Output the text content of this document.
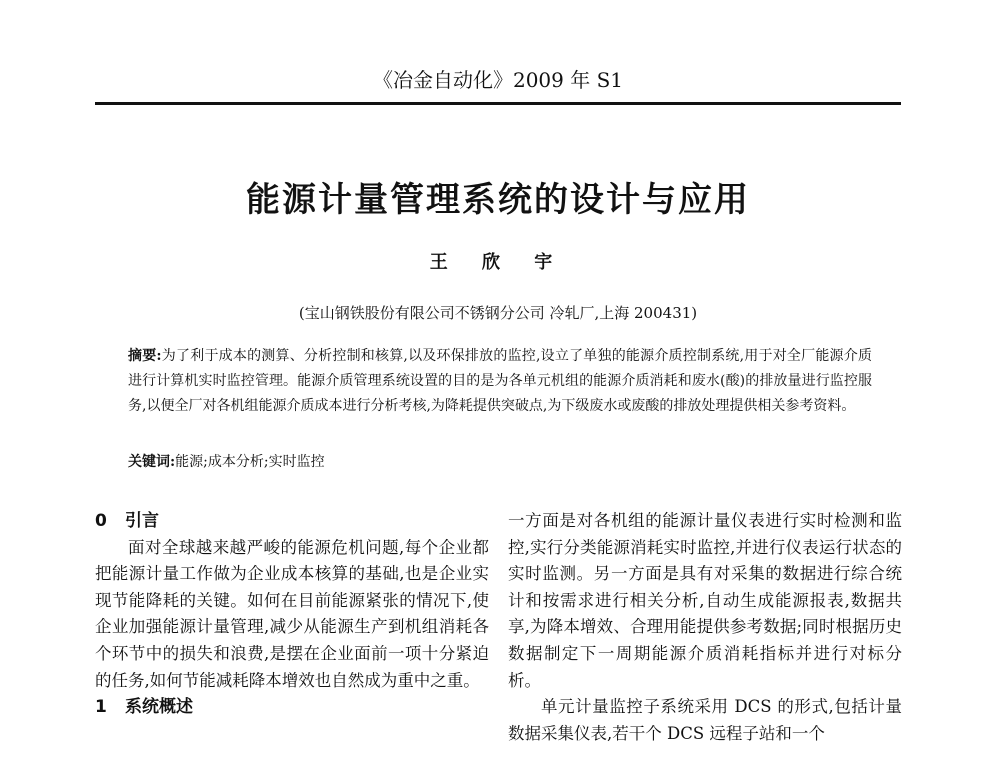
《冶金自动化》2009 年 S1
能源计量管理系统的设计与应用
王 欣 宇
(宝山钢铁股份有限公司不锈钢分公司 冷轧厂,上海 200431)
摘要:为了利于成本的测算、分析控制和核算,以及环保排放的监控,设立了单独的能源介质控制系统,用于对全厂能源介质进行计算机实时监控管理。能源介质管理系统设置的目的是为各单元机组的能源介质消耗和废水(酸)的排放量进行监控服务,以便全厂对各机组能源介质成本进行分析考核,为降耗提供突破点,为下级废水或废酸的排放处理提供相关参考资料。
关键词:能源;成本分析;实时监控
0 引言

面对全球越来越严峻的能源危机问题,每个企业都把能源计量工作做为企业成本核算的基础,也是企业实现节能降耗的关键。如何在目前能源紧张的情况下,使企业加强能源计量管理,减少从能源生产到机组消耗各个环节中的损失和浪费,是摆在企业面前一项十分紧迫的任务,如何节能减耗降本增效也自然成为重中之重。

1 系统概述

一方面是对各机组的能源计量仪表进行实时检测和监控,实行分类能源消耗实时监控,并进行仪表运行状态的实时监测。另一方面是具有对采集的数据进行综合统计和按需求进行相关分析,自动生成能源报表,数据共享,为降本增效、合理用能提供参考数据;同时根据历史数据制定下一周期能源介质消耗指标并进行对标分析。

单元计量监控子系统采用 DCS 的形式,包括计量数据采集仪表,若干个 DCS 远程子站和一个
